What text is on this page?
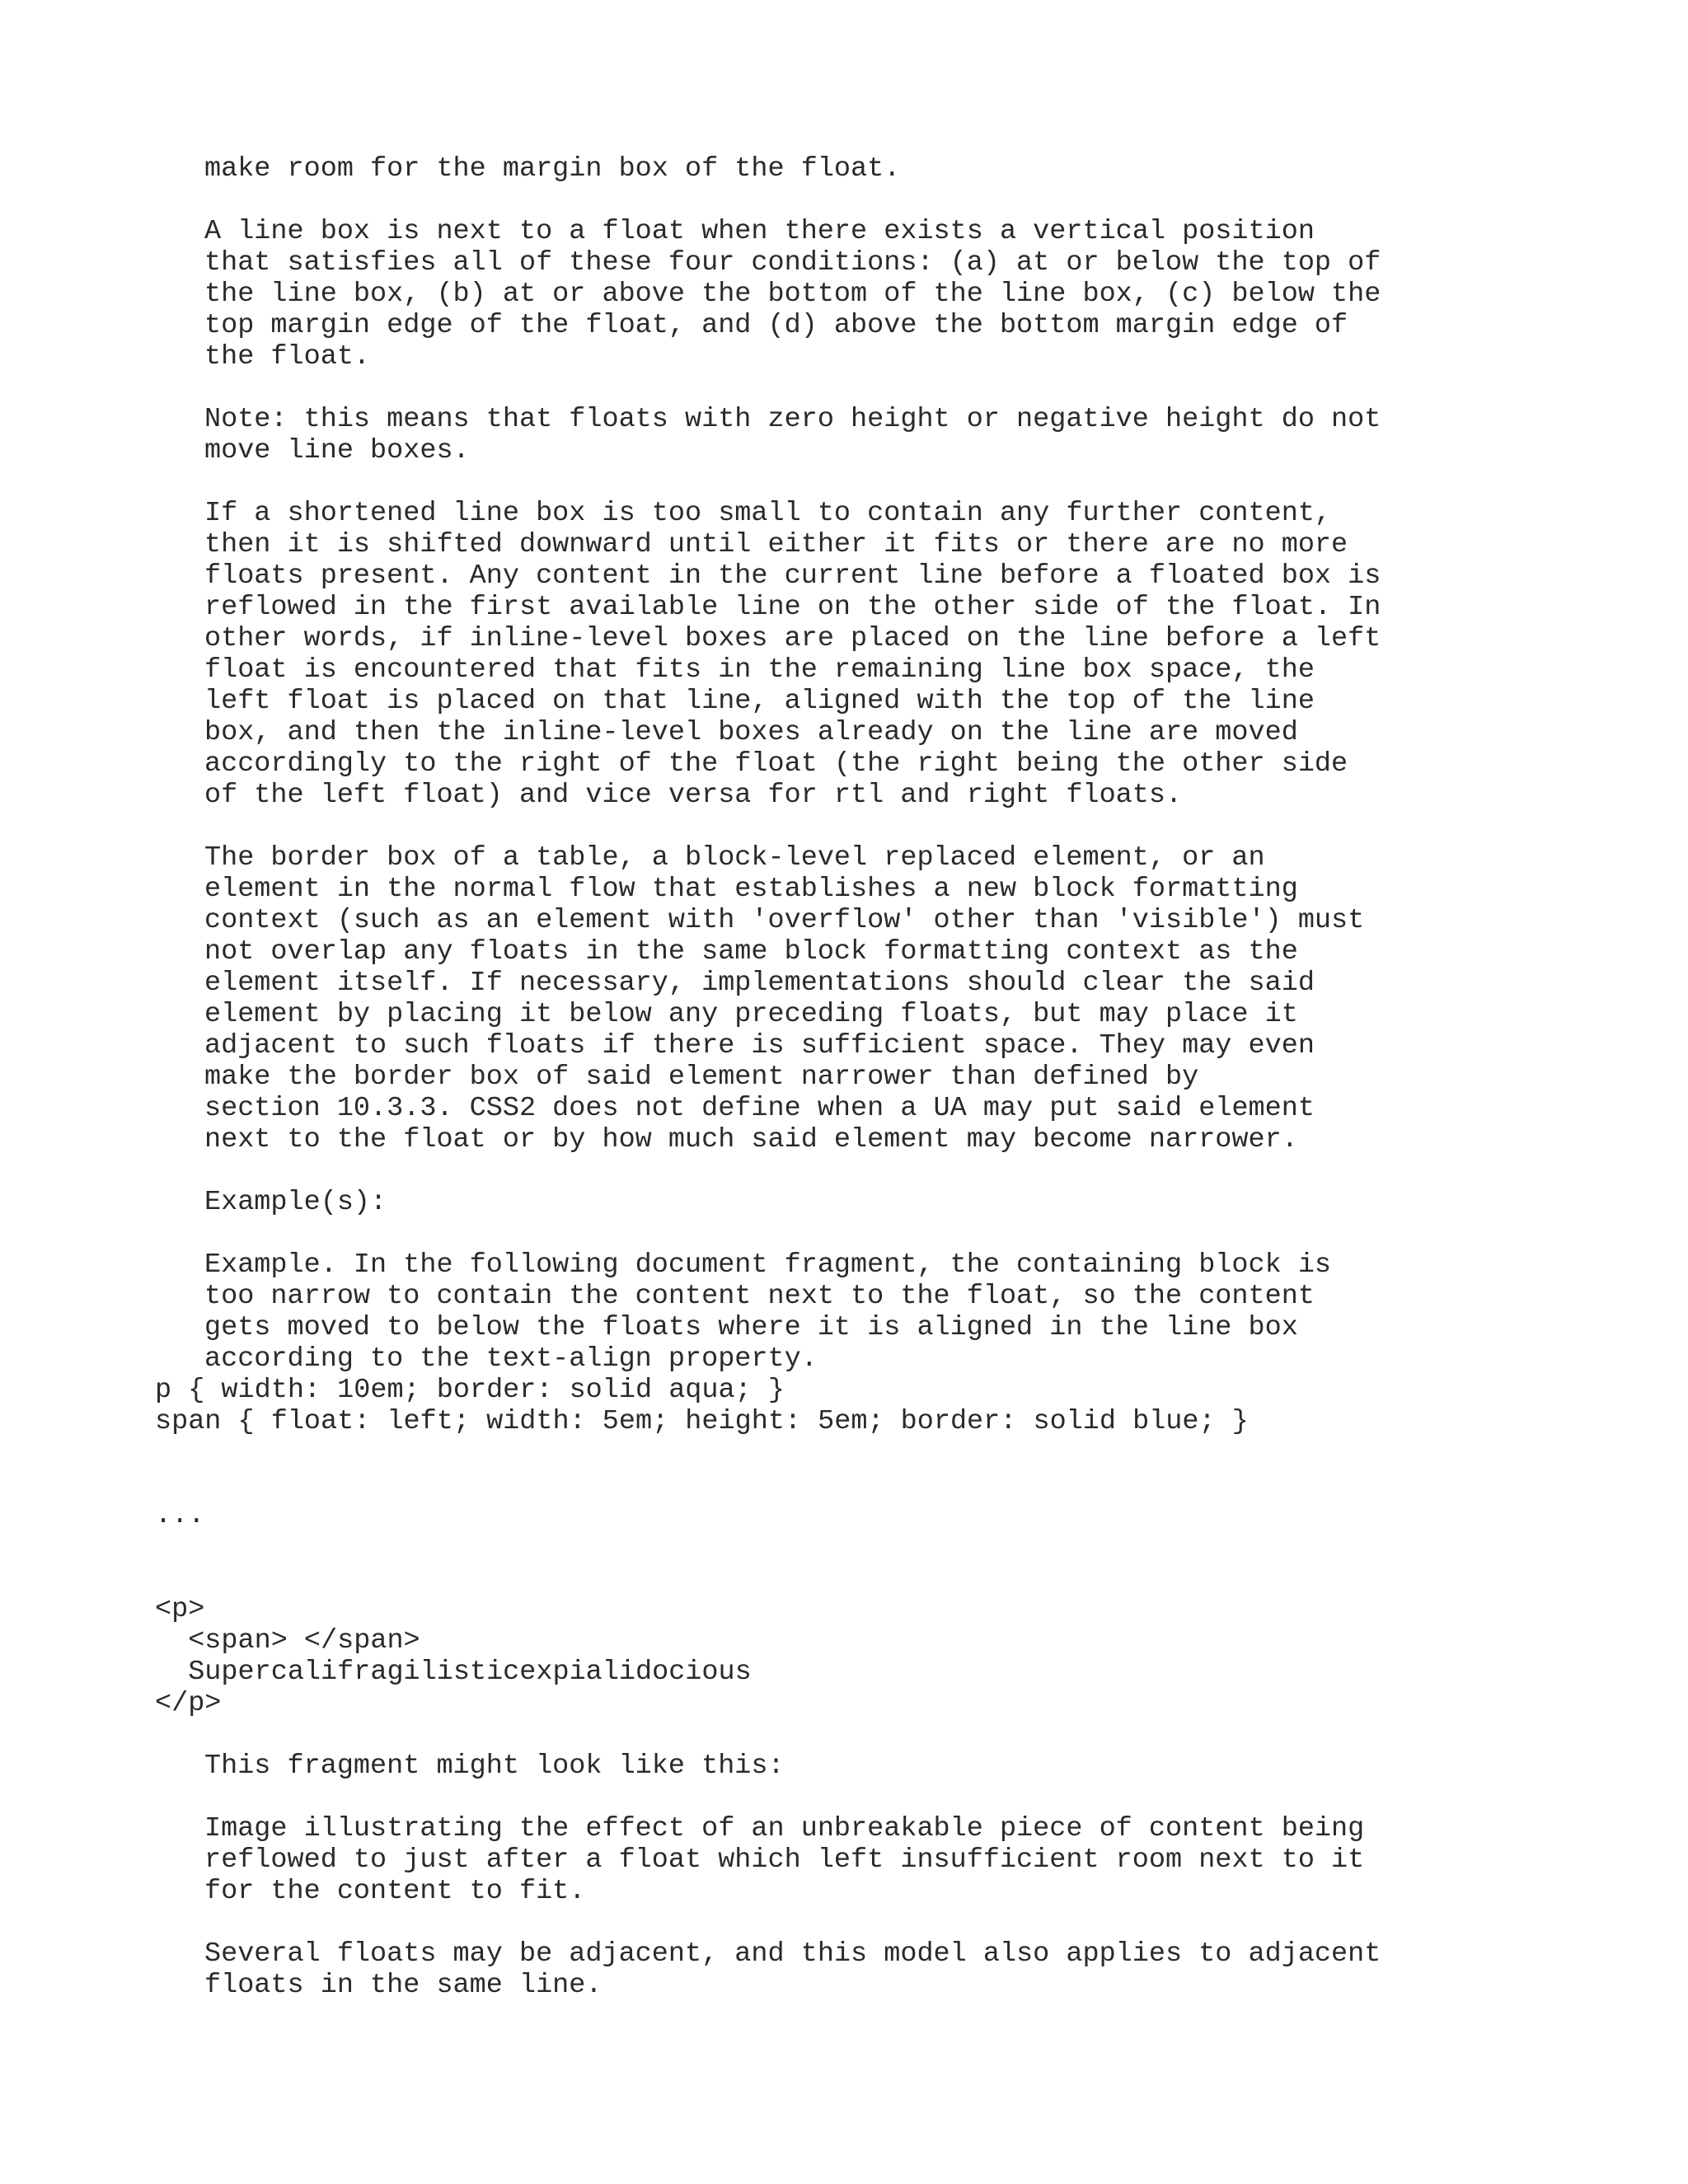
make room for the margin box of the float.

A line box is next to a float when there exists a vertical position

that satisfies all of these four conditions: (a) at or below the top of

the line box, (b) at or above the bottom of the line box, (c) below the

top margin edge of the float, and (d) above the bottom margin edge of

the float.

Note: this means that floats with zero height or negative height do not

move line boxes.

If a shortened line box is too small to contain any further content,

then it is shifted downward until either it fits or there are no more

floats present. Any content in the current line before a floated box is

reflowed in the first available line on the other side of the float. In

other words, if inline-level boxes are placed on the line before a left

float is encountered that fits in the remaining line box space, the

left float is placed on that line, aligned with the top of the line

box, and then the inline-level boxes already on the line are moved

accordingly to the right of the float (the right being the other side

of the left float) and vice versa for rtl and right floats.

The border box of a table, a block-level replaced element, or an

element in the normal flow that establishes a new block formatting

context (such as an element with 'overflow' other than 'visible') must

not overlap any floats in the same block formatting context as the

element itself. If necessary, implementations should clear the said

element by placing it below any preceding floats, but may place it

adjacent to such floats if there is sufficient space. They may even

make the border box of said element narrower than defined by

section 10.3.3. CSS2 does not define when a UA may put said element

next to the float or by how much said element may become narrower.

Example(s):

Example. In the following document fragment, the containing block is

too narrow to contain the content next to the float, so the content

gets moved to below the floats where it is aligned in the line box

according to the text-align property.

p { width: 10em; border: solid aqua; }

span { float: left; width: 5em; height: 5em; border: solid blue; }

...

<p>

<span> </span>

Supercalifragilisticexpialidocious

</p>

This fragment might look like this:

Image illustrating the effect of an unbreakable piece of content being

reflowed to just after a float which left insufficient room next to it

for the content to fit.

Several floats may be adjacent, and this model also applies to adjacent

floats in the same line.
